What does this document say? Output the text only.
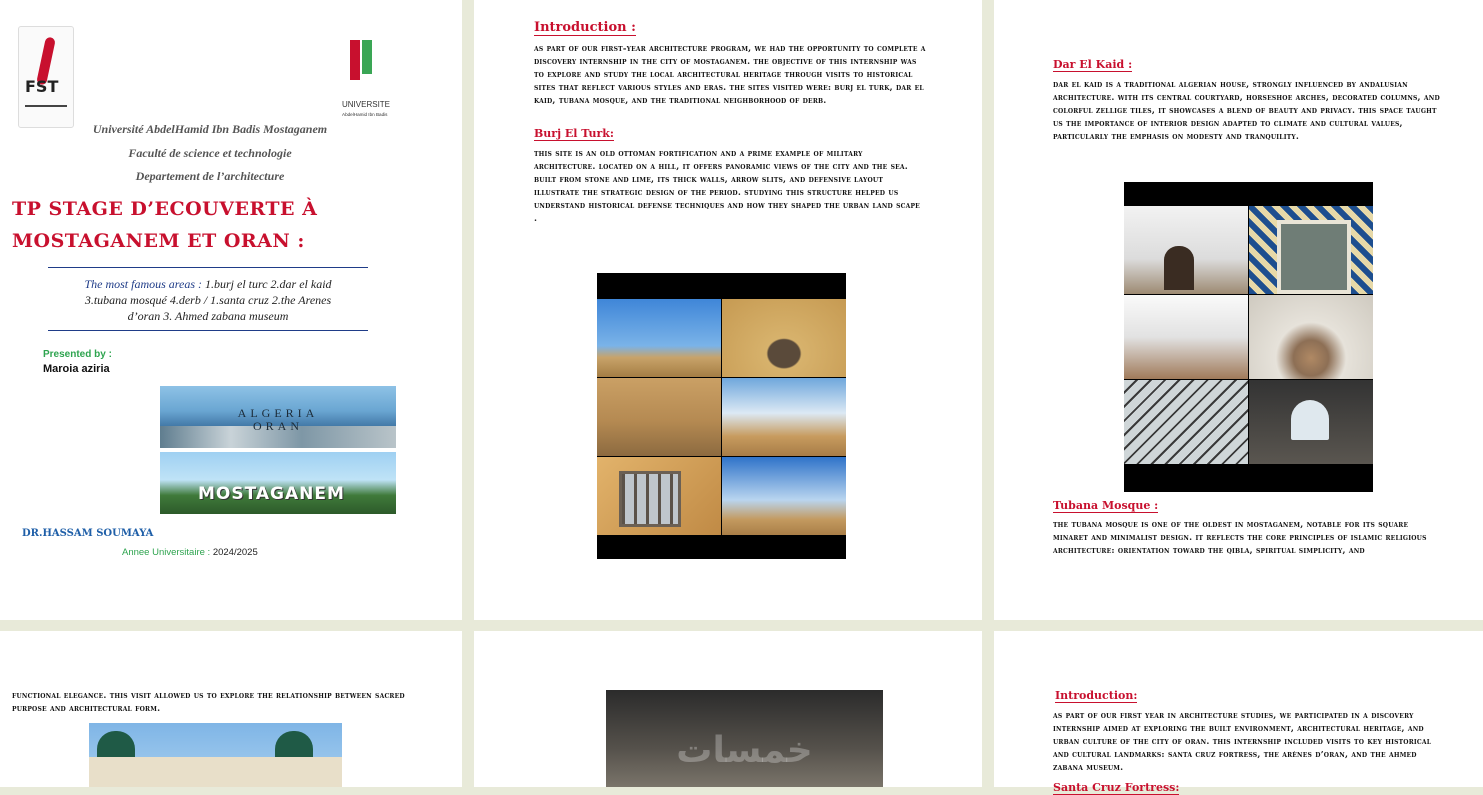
FST
UNIVERSITE
AbdelHamid Ibn Badis
Université AbdelHamid Ibn Badis Mostaganem
Faculté de science et technologie
Departement de l’architecture
TP STAGE D’ECOUVERTE À
MOSTAGANEM ET ORAN :
The most famous areas : 1.burj el turc 2.dar el kaid
3.tubana mosqué 4.derb / 1.santa cruz 2.the Arenes
d’oran 3. Ahmed zabana museum
Presented by :
Maroia aziria
ALGERIA
ORAN
MOSTAGANEM
DR.HASSAM SOUMAYA
Annee Universitaire : 2024/2025
Introduction :
as part of our first-year architecture program, we had the opportunity to complete a discovery internship in the city of mostaganem. the objective of this internship was to explore and study the local architectural heritage through visits to historical sites that reflect various styles and eras. the sites visited were: burj el turk, dar el kaid, tubana mosque, and the traditional neighborhood of derb.
Burj El Turk:
this site is an old ottoman fortification and a prime example of military architecture. located on a hill, it offers panoramic views of the city and the sea. built from stone and lime, its thick walls, arrow slits, and defensive layout illustrate the strategic design of the period. studying this structure helped us understand historical defense techniques and how they shaped the urban land scape .
Dar El Kaid :
dar el kaid is a traditional algerian house, strongly influenced by andalusian architecture. with its central courtyard, horseshoe arches, decorated columns, and colorful zellige tiles, it showcases a blend of beauty and privacy. this space taught us the importance of interior design adapted to climate and cultural values, particularly the emphasis on modesty and tranquility.
Tubana Mosque :
the tubana mosque is one of the oldest in mostaganem, notable for its square minaret and minimalist design. it reflects the core principles of islamic religious architecture: orientation toward the qibla, spiritual simplicity, and
functional elegance. this visit allowed us to explore the relationship between sacred purpose and architectural form.
خمسات
Introduction:
as part of our first year in architecture studies, we participated in a discovery internship aimed at exploring the built environment, architectural heritage, and urban culture of the city of oran. this internship included visits to key historical and cultural landmarks: santa cruz fortress, the arènes d’oran, and the ahmed zabana museum.
Santa Cruz Fortress:
